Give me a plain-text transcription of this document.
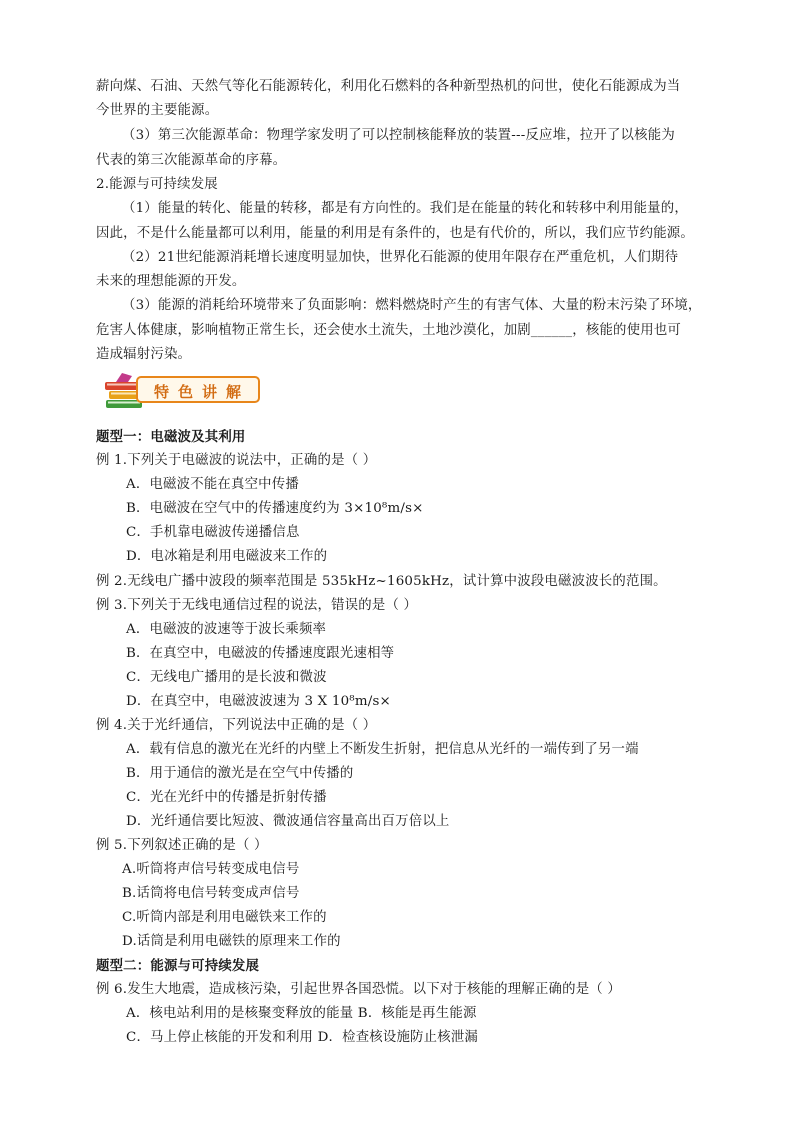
薪向煤、石油、天然气等化石能源转化，利用化石燃料的各种新型热机的问世，使化石能源成为当
今世界的主要能源。
（3）第三次能源革命：物理学家发明了可以控制核能释放的装置---反应堆，拉开了以核能为
代表的第三次能源革命的序幕。
2.能源与可持续发展
（1）能量的转化、能量的转移，都是有方向性的。我们是在能量的转化和转移中利用能量的，
因此，不是什么能量都可以利用，能量的利用是有条件的，也是有代价的，所以，我们应节约能源。
（2）21世纪能源消耗增长速度明显加快，世界化石能源的使用年限存在严重危机，人们期待
未来的理想能源的开发。
（3）能源的消耗给环境带来了负面影响：燃料燃烧时产生的有害气体、大量的粉末污染了环境，
危害人体健康，影响植物正常生长，还会使水土流失，土地沙漠化，加剧______，核能的使用也可
造成辐射污染。
特色讲解
题型一：电磁波及其利用
例 1.下列关于电磁波的说法中，正确的是（ ）
A．电磁波不能在真空中传播
B．电磁波在空气中的传播速度约为 3×10⁸m/s×
C．手机靠电磁波传递播信息
D．电冰箱是利用电磁波来工作的
例 2.无线电广播中波段的频率范围是 535kHz~1605kHz，试计算中波段电磁波波长的范围。
例 3.下列关于无线电通信过程的说法，错误的是（ ）
A．电磁波的波速等于波长乘频率
B．在真空中，电磁波的传播速度跟光速相等
C．无线电广播用的是长波和微波
D．在真空中，电磁波波速为 3 X 10⁸m/s×
例 4.关于光纤通信，下列说法中正确的是（ ）
A．载有信息的激光在光纤的内壁上不断发生折射，把信息从光纤的一端传到了另一端
B．用于通信的激光是在空气中传播的
C．光在光纤中的传播是折射传播
D．光纤通信要比短波、微波通信容量高出百万倍以上
例 5.下列叙述正确的是（ ）
A.听筒将声信号转变成电信号
B.话筒将电信号转变成声信号
C.听筒内部是利用电磁铁来工作的
D.话筒是利用电磁铁的原理来工作的
题型二：能源与可持续发展
例 6.发生大地震，造成核污染，引起世界各国恐慌。以下对于核能的理解正确的是（ ）
A．核电站利用的是核聚变释放的能量 B．核能是再生能源
C．马上停止核能的开发和利用 D．检查核设施防止核泄漏
